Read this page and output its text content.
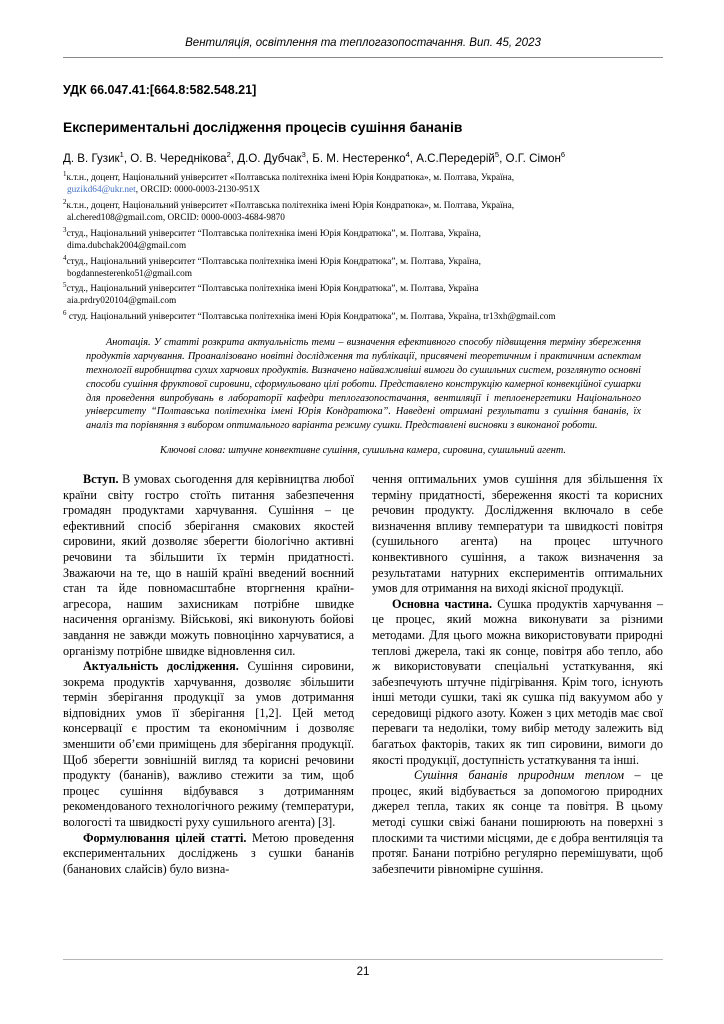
Вентиляція, освітлення та теплогазопостачання. Вип. 45, 2023
УДК 66.047.41:[664.8:582.548.21]
Експериментальні дослідження процесів сушіння бананів
Д. В. Гузик$^1$, О. В. Череднікова$^2$, Д.О. Дубчак$^3$, Б. М. Нестеренко$^4$, А.С.Передерій$^5$, О.Г. Сімон$^6$
$^1$к.т.н., доцент, Національний університет «Полтавська політехніка імені Юрія Кондратюка», м. Полтава, Україна,
guzikd64@ukr.net, ORCID: 0000-0003-2130-951X
$^2$к.т.н., доцент, Національний університет «Полтавська політехніка імені Юрія Кондратюка», м. Полтава, Україна,
al.chered108@gmail.com, ORCID: 0000-0003-4684-9870
$^3$студ., Національний університет “Полтавська політехніка імені Юрія Кондратюка”, м. Полтава, Україна,
dima.dubchak2004@gmail.com
$^4$студ., Національний університет “Полтавська політехніка імені Юрія Кондратюка”, м. Полтава, Україна,
bogdannesterenko51@gmail.com
$^5$студ., Національний університет “Полтавська політехніка імені Юрія Кондратюка”, м. Полтава, Україна
aia.prdry020104@gmail.com
$^6$ студ. Національний університет “Полтавська політехніка імені Юрія Кондратюка”, м. Полтава, Україна, tr13xh@gmail.com
Анотація. У статті розкрита актуальність теми – визначення ефективного способу підвищення терміну збереження продуктів харчування. Проаналізовано новітні дослідження та публікації, присвячені теоретичним і практичним аспектам технології виробництва сухих харчових продуктів. Визначено найважливіші вимоги до сушильних систем, розглянуто основні способи сушіння фруктової сировини, сформульовано цілі роботи. Представлено конструкцію камерної конвекційної сушарки для проведення випробувань в лабораторії кафедри теплогазопостачання, вентиляції і теплоенергетики Національного університету “Полтавська політехніка імені Юрія Кондратюка”. Наведені отримані результати з сушіння бананів, їх аналіз та порівняння з вибором оптимального варіанта режиму сушки. Представлені висновки з виконаної роботи.
Ключові слова: штучне конвективне сушіння, сушильна камера, сировина, сушильний агент.

Вступ. В умовах сьогодення для керівництва любої країни світу гостро стоїть питання забезпечення громадян продуктами харчування. Сушіння – це ефективний спосіб зберігання смакових якостей сировини, який дозволяє зберегти біологічно активні речовини та збільшити їх термін придатності. Зважаючи на те, що в нашій країні введений воєнний стан та йде повномасштабне вторгнення країни-агресора, нашим захисникам потрібне швидке насичення організму. Військові, які виконують бойові завдання не завжди можуть повноцінно харчуватися, а організму потрібне швидке відновлення сил.

Актуальність дослідження. Сушіння сировини, зокрема продуктів харчування, дозволяє збільшити термін зберігання продукції за умов дотримання відповідних умов її зберігання [1,2]. Цей метод консервації є простим та економічним і дозволяє зменшити об’єми приміщень для зберігання продукції. Щоб зберегти зовнішній вигляд та корисні речовини продукту (бананів), важливо стежити за тим, щоб процес сушіння відбувався з дотриманням рекомендованого технологічного режиму (температури, вологості та швидкості руху сушильного агента) [3].

Формулювання цілей статті. Метою проведення експериментальних досліджень з сушки бананів (бананових слайсів) було визна-

чення оптимальних умов сушіння для збільшення їх терміну придатності, збереження якості та корисних речовин продукту. Дослідження включало в себе визначення впливу температури та швидкості повітря (сушильного агента) на процес штучного конвективного сушіння, а також визначення за результатами натурних експериментів оптимальних умов для отримання на виході якісної продукції.

Основна частина. Сушка продуктів харчування – це процес, який можна виконувати за різними методами. Для цього можна використовувати природні теплові джерела, такі як сонце, повітря або тепло, або ж використовувати спеціальні устаткування, які забезпечують штучне підігрівання. Крім того, існують інші методи сушки, такі як сушка під вакуумом або у середовищі рідкого азоту. Кожен з цих методів має свої переваги та недоліки, тому вибір методу залежить від багатьох факторів, таких як тип сировини, вимоги до якості продукції, доступність устаткування та інші.

Сушіння бананів природним теплом – це процес, який відбувається за допомогою природних джерел тепла, таких як сонце та повітря. В цьому методі сушки свіжі банани поширюють на поверхні з плоскими та чистими місцями, де є добра вентиляція та протяг. Банани потрібно регулярно перемішувати, щоб забезпечити рівномірне сушіння.

21
